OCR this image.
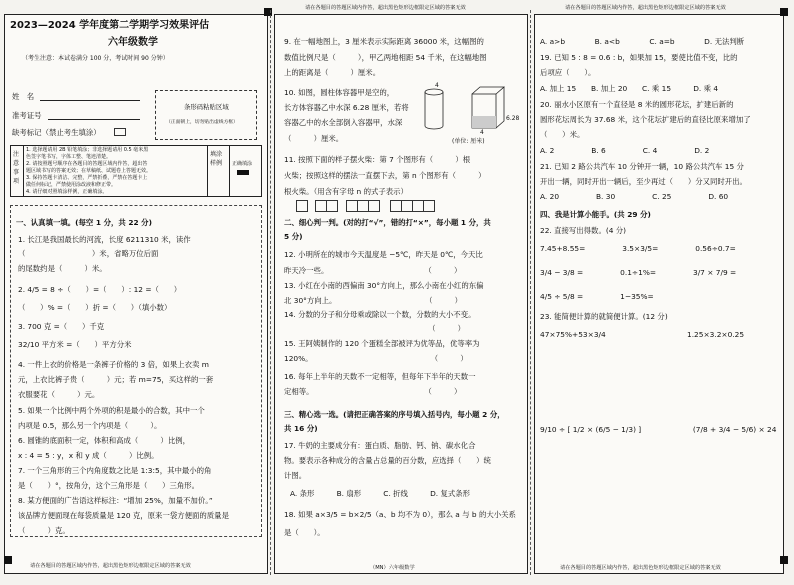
2023—2024 学年度第二学期学习效果评估
六年级数学
（考生注意：本试卷满分 100 分，考试时间 90 分钟）
姓　名
准考证号
缺考标记（禁止考生填涂）
条形码粘贴区域
（正面朝上，切勿贴出虚线方框）
注 意 事 项
1. 选择题请用 2B 铅笔填涂；非选择题请用 0.5 毫米黑
色签字笔书写，字体工整、笔迹清楚。
2. 请按照题号顺序在各题目的答题区域内作答，超出答
题区域书写的答案无效；在草稿纸、试题卷上答题无效。
3. 保持答题卡清洁、完整，严禁折叠，严禁在答题卡上
做任何标记，严禁使用涂改液和修正带。
4. 请仔细对照填涂样例，正确填涂。
填涂样例	正确填涂
一、认真填一填。(每空 1 分，共 22 分)
1. 长江是我国最长的河流，长度 6211310 米，读作
（　　　　　　　　　）米，省略万位后面
的尾数约是（　　　）米。
2. 4/5 = 8 ÷（　　）=（　　）: 12 =（　　）
（　　）% =（　　）折 =（　　）（填小数）
3. 700 克 =（　　）千克
32/10 平方米 =（　　）平方分米
4. 一件上衣的价格是一条裤子价格的 3 倍，如果上衣卖 m
元，上衣比裤子贵（　　　）元；若 m=75，买这样的一套
衣服要花（　　　）元。
5. 如果一个比例中两个外项的积是最小的合数，其中一个
内项是 0.5，那么另一个内项是（　　　）。
6. 圆锥的底面积一定，体积和高成（　　　）比例，
x : 4 = 5 : y，x 和 y 成（　　　）比例。
7. 一个三角形的三个内角度数之比是 1:3:5，其中最小的角
是（　　）°，按角分，这个三角形是（　　）三角形。
8. 某方便面的广告语这样标注：“增加 25%，加量不加价。”
该品牌方便面现在每袋质量是 120 克，原来一袋方便面的质量是
（　　　）克。
请在各题目的答题区域内作答，超出黑色矩形边框限定区域的答案无效
请在各题目的答题区域内作答，超出黑色矩形边框限定区域的答案无效
9. 在一幅地图上，3 厘米表示实际距离 36000 米，这幅图的
数值比例尺是（　　　），甲乙两地相距 54 千米，在这幅地图
上的距离是（　　　）厘米。
10. 如图，圆柱体容器甲是空的，
长方体容器乙中水深 6.28 厘米，若将
容器乙中的水全部倒入容器甲，水深
（　　　）厘米。
4
4
6.28
(单位: 厘米)
11. 按照下面的样子摆火柴：第 7 个图形有（　　　）根
火柴；按照这样的摆法一直摆下去，第 n 个图形有（　　　）
根火柴。（用含有字母 n 的式子表示）
二、细心判一判。(对的打“√”，错的打“×”，每小题 1 分，共
5 分)
12. 小明所在的城市今天温度是 −5℃，昨天是 0℃，今天比
昨天冷一些。　　　　　　　　　　　　　　（　　　）
13. 小红在小南的西偏南 30°方向上，那么小南在小红的东偏
北 30°方向上。　　　　　　　　　　　　　（　　　）
14. 分数的分子和分母乘或除以一个数，分数的大小不变。
　　　　　　　　　　　　　　　　　　　　（　　　）
15. 王阿姨制作的 120 个蛋糕全部被评为优等品，优等率为
120%。　　　　　　　　　　　　　　　　　（　　　）
16. 每年上半年的天数不一定相等，但每年下半年的天数一
定相等。　　　　　　　　　　　　　　　　（　　　）
三、精心选一选。(请把正确答案的序号填入括号内，每小题 2 分，
共 16 分)
17. 牛奶的主要成分有：蛋白质、脂肪、钙、钠、碳水化合
物。要表示各种成分的含量占总量的百分数，应选择（　　）统
计图。
A. 条形　　　B. 扇形　　　C. 折线　　　D. 复式条形
18. 如果 a×3/5 = b×2/5（a、b 均不为 0），那么 a 与 b 的大小关系
是（　　）。
（MN）六年级数学
请在各题目的答题区域内作答，超出黑色矩形边框限定区域的答案无效
A. a>b　　　　B. a<b　　　　C. a=b　　　　D. 无法判断
19. 已知 5 : 8 = 0.6 : b，如果加 15，要使比值不变，比的
后项应（　　）。
A. 加上 15　　B. 加上 20　　C. 乘 15　　　D. 乘 4
20. 丽水小区原有一个直径是 8 米的圆形花坛，扩建后新的
圆形花坛周长为 37.68 米，这个花坛扩建后的直径比原来增加了
（　　）米。
A. 2　　　　　B. 6　　　　　C. 4　　　　　D. 2
21. 已知 2 路公共汽车 10 分钟开一辆，10 路公共汽车 15 分
开出一辆，同时开出一辆后，至少再过（　　）分又同时开出。
A. 20　　　　　B. 30　　　　　C. 25　　　　　D. 60
四、我是计算小能手。(共 29 分)
22. 直接写出得数。(4 分)
7.45+8.55=　　　　　3.5×3/5=　　　　　0.56÷0.7=
3/4 − 3/8 =　　　　　0.1÷1%=　　　　　3/7 × 7/9 =
4/5 ÷ 5/8 =　　　　　1−35%=
23. 能简便计算的就简便计算。(12 分)
47×75%+53×3/4　　　　　　　　　　　1.25×3.2×0.25
9/10 ÷ [ 1/2 × (6/5 − 1/3) ]　　　　　　　(7/8 + 3/4 − 5/6) × 24
请在各题目的答题区域内作答，超出黑色矩形边框限定区域的答案无效
